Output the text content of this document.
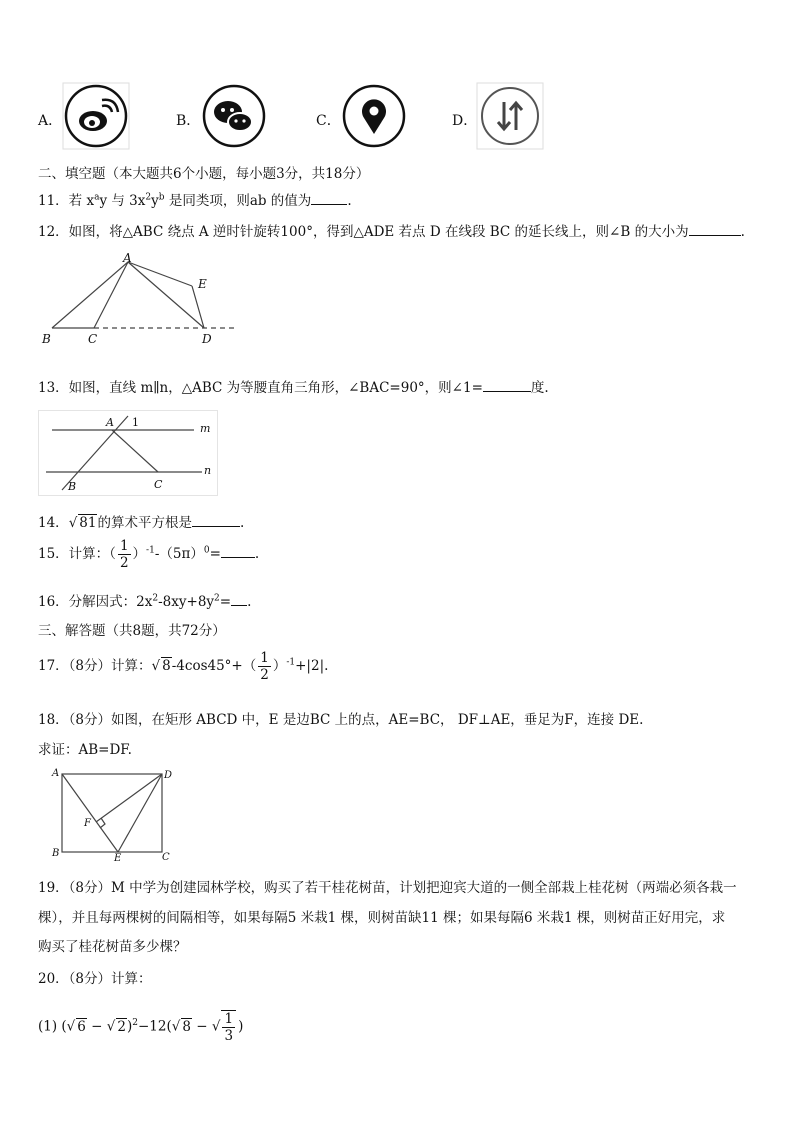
A．	B．	C．	D．
二、填空题（本大题共6个小题，每小题3分，共18分）
11．若 $x^ay$ 与 $3x^2y^b$ 是同类项，则ab 的值为	.
12．如图，将△ABC 绕点 A 逆时针旋转100°，得到△ADE 若点 D 在线段 BC 的延长线上，则∠B 的大小为	.
A
B	C	D
E
13．如图，直线 m∥n，△ABC 为等腰直角三角形，∠BAC=90°，则∠1=	度.
A
B	C
m
n
1
14．√ 81的算术平方根是	.
15．计算：（ $\frac{1}{2} )^{-1}-(5\pi)^0=$	.
16．分解因式：$2x^2-8xy+8y^2=$ .
三、解答题（共8题，共72分）
17．（8分）计算：√ $8-4\cos 45^\circ+( \frac{1}{2} )^{-1}+|2|$.
18．（8分）如图，在矩形 ABCD 中，E 是边BC 上的点，AE=BC， DF⊥AE，垂足为F，连接 DE.
求证：AB=DF.
A	D
B	C
E
F
19．（8分）M 中学为创建园林学校，购买了若干桂花树苗，计划把迎宾大道的一侧全部栽上桂花树（两端必须各栽一
棵），并且每两棵树的间隔相等，如果每隔5 米栽1 棵，则树苗缺11 棵；如果每隔6 米栽1 棵，则树苗正好用完，求
购买了桂花树苗多少棵？
20．（8分）计算：
(1) (√ 6 − √ 2)$^2$−12(√ 8 − √ $\frac{1}{3}$ )
